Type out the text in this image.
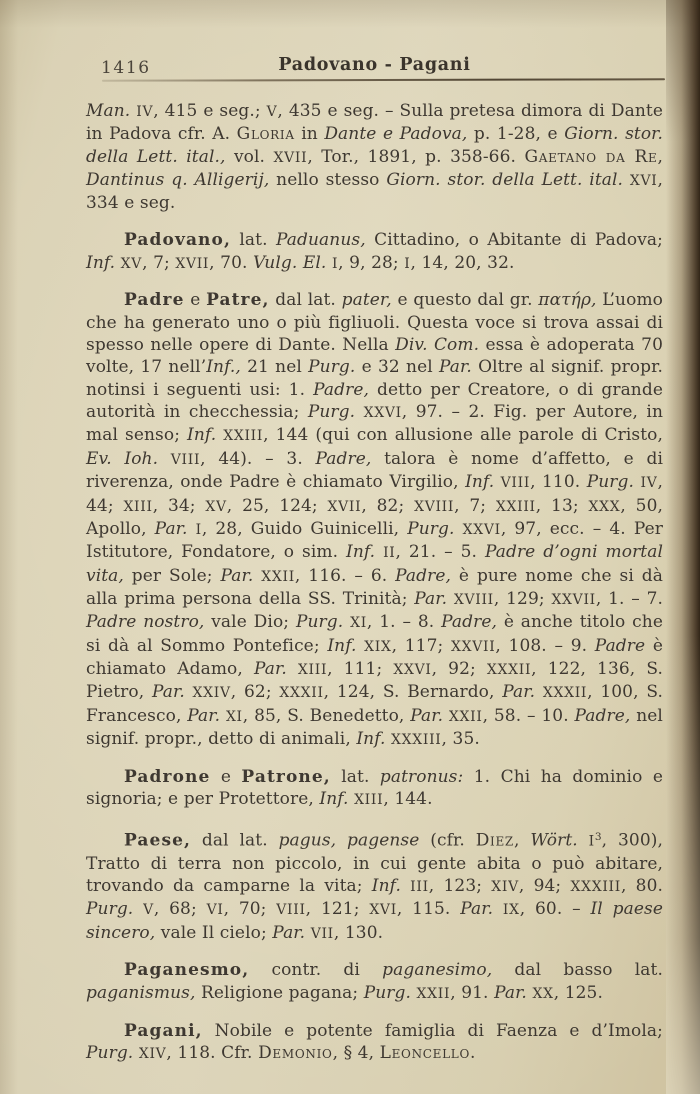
1416	Padovano - Pagani

Man. IV, 415 e seg.; V, 435 e seg. – Sulla pretesa dimora di Dante in Padova cfr. A. Gloria in Dante e Padova, p. 1-28, e Giorn. stor. della Lett. ital., vol. XVII, Tor., 1891, p. 358-66. Gaetano da Re, Dantinus q. Alligerij, nello stesso Giorn. stor. della Lett. ital. XVI, 334 e seg.

Padovano, lat. Paduanus, Cittadino, o Abitante di Padova; Inf. XV, 7; XVII, 70. Vulg. El. I, 9, 28; I, 14, 20, 32.

Padre e Patre, dal lat. pater, e questo dal gr. πατήρ, L’uomo che ha generato uno o più figliuoli. Questa voce si trova assai di spesso nelle opere di Dante. Nella Div. Com. essa è adoperata 70 volte, 17 nell’Inf., 21 nel Purg. e 32 nel Par. Oltre al signif. propr. notinsi i seguenti usi: 1. Padre, detto per Creatore, o di grande autorità in checchessia; Purg. XXVI, 97. – 2. Fig. per Autore, in mal senso; Inf. XXIII, 144 (qui con allusione alle parole di Cristo, Ev. Ioh. VIII, 44). – 3. Padre, talora è nome d’affetto, e di riverenza, onde Padre è chiamato Virgilio, Inf. VIII, 110. Purg. IV, 44; XIII, 34; XV, 25, 124; XVII, 82; XVIII, 7; XXIII, 13; XXX, 50, Apollo, Par. I, 28, Guido Guinicelli, Purg. XXVI, 97, ecc. – 4. Per Istitutore, Fondatore, o sim. Inf. II, 21. – 5. Padre d’ogni mortal vita, per Sole; Par. XXII, 116. – 6. Padre, è pure nome che si dà alla prima persona della SS. Trinità; Par. XVIII, 129; XXVII, 1. – 7. Padre nostro, vale Dio; Purg. XI, 1. – 8. Padre, è anche titolo che si dà al Sommo Pontefice; Inf. XIX, 117; XXVII, 108. – 9. Padre è chiamato Adamo, Par. XIII, 111; XXVI, 92; XXXII, 122, 136, S. Pietro, Par. XXIV, 62; XXXII, 124, S. Bernardo, Par. XXXII, 100, S. Francesco, Par. XI, 85, S. Benedetto, Par. XXII, 58. – 10. Padre, nel signif. propr., detto di animali, Inf. XXXIII, 35.

Padrone e Patrone, lat. patronus: 1. Chi ha dominio e signoria; e per Protettore, Inf. XIII, 144.

Paese, dal lat. pagus, pagense (cfr. Diez, Wört. $I^3$, 300), Tratto di terra non piccolo, in cui gente abita o può abitare, trovando da camparne la vita; Inf. III, 123; XIV, 94; XXXIII, 80. Purg. V, 68; VI, 70; VIII, 121; XVI, 115. Par. IX, 60. – Il paese sincero, vale Il cielo; Par. VII, 130.

Paganesmo, contr. di paganesimo, dal basso lat. paganismus, Religione pagana; Purg. XXII, 91. Par. XX, 125.

Pagani, Nobile e potente famiglia di Faenza e d’Imola; Purg. XIV, 118. Cfr. Demonio, § 4, Leoncello.
